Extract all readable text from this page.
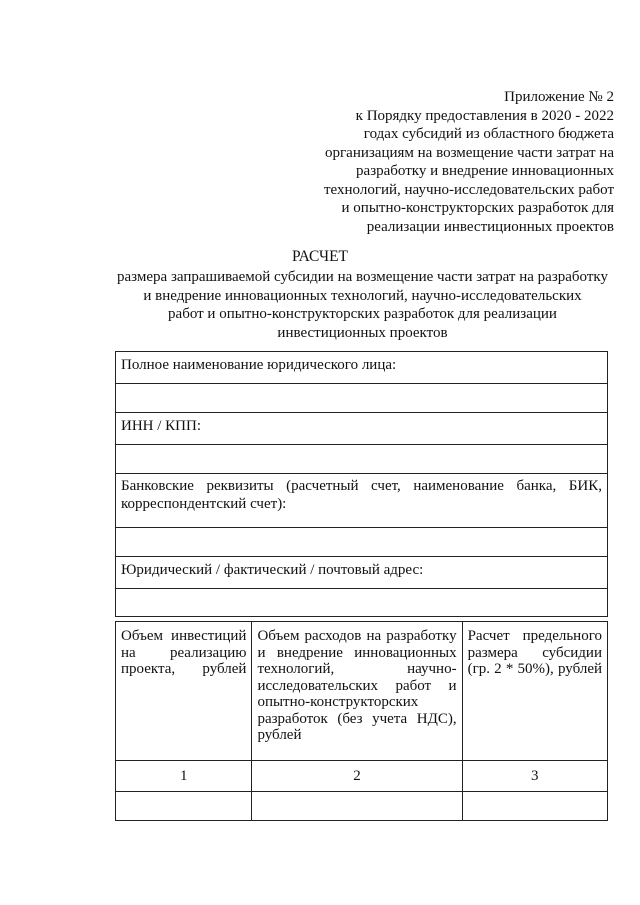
Приложение № 2
к Порядку предоставления в 2020 - 2022
годах субсидий из областного бюджета
организациям на возмещение части затрат на
разработку и внедрение инновационных
технологий, научно-исследовательских работ
и опытно-конструкторских разработок для
реализации инвестиционных проектов
РАСЧЕТ
размера запрашиваемой субсидии на возмещение части затрат на разработку
и внедрение инновационных технологий, научно-исследовательских
работ и опытно-конструкторских разработок для реализации
инвестиционных проектов
Полное наименование юридического лица:

ИНН / КПП:

Банковские реквизиты (расчетный счет, наименование банка, БИК, корреспондентский счет):

Юридический / фактический / почтовый адрес:

Объем инвестиций на реализацию проекта, рублей	Объем расходов на разработку и внедрение инновационных технологий, научно-исследовательских работ и опытно-конструкторских разработок (без учета НДС), рублей	Расчет предельного размера субсидии (гр. 2 * 50%), рублей

1	2	3
